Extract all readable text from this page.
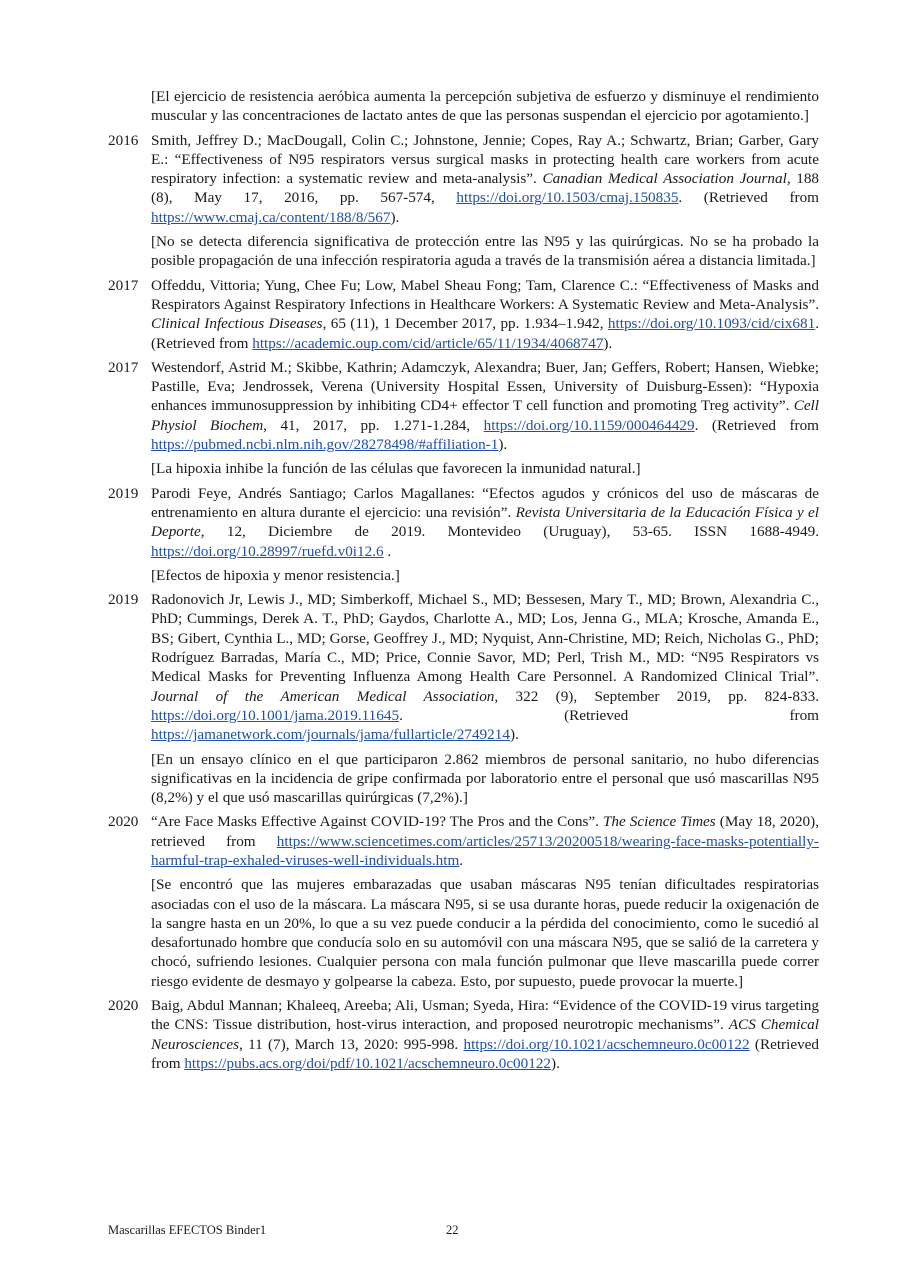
[El ejercicio de resistencia aeróbica aumenta la percepción subjetiva de esfuerzo y disminuye el rendimiento muscular y las concentraciones de lactato antes de que las personas suspendan el ejercicio por agotamiento.]

2016 Smith, Jeffrey D.; MacDougall, Colin C.; Johnstone, Jennie; Copes, Ray A.; Schwartz, Brian; Garber, Gary E.: “Effectiveness of N95 respirators versus surgical masks in protecting health care workers from acute respiratory infection: a systematic review and meta-analysis”. Canadian Medical Association Journal, 188 (8), May 17, 2016, pp. 567-574, https://doi.org/10.1503/cmaj.150835. (Retrieved from https://www.cmaj.ca/content/188/8/567).

[No se detecta diferencia significativa de protección entre las N95 y las quirúrgicas. No se ha probado la posible propagación de una infección respiratoria aguda a través de la transmisión aérea a distancia limitada.]

2017 Offeddu, Vittoria; Yung, Chee Fu; Low, Mabel Sheau Fong; Tam, Clarence C.: “Effectiveness of Masks and Respirators Against Respiratory Infections in Healthcare Workers: A Systematic Review and Meta-Analysis”. Clinical Infectious Diseases, 65 (11), 1 December 2017, pp. 1.934–1.942, https://doi.org/10.1093/cid/cix681. (Retrieved from https://academic.oup.com/cid/article/65/11/1934/4068747).

2017 Westendorf, Astrid M.; Skibbe, Kathrin; Adamczyk, Alexandra; Buer, Jan; Geffers, Robert; Hansen, Wiebke; Pastille, Eva; Jendrossek, Verena (University Hospital Essen, University of Duisburg-Essen): “Hypoxia enhances immunosuppression by inhibiting CD4+ effector T cell function and promoting Treg activity”. Cell Physiol Biochem, 41, 2017, pp. 1.271-1.284, https://doi.org/10.1159/000464429. (Retrieved from https://pubmed.ncbi.nlm.nih.gov/28278498/#affiliation-1).

[La hipoxia inhibe la función de las células que favorecen la inmunidad natural.]

2019 Parodi Feye, Andrés Santiago; Carlos Magallanes: “Efectos agudos y crónicos del uso de máscaras de entrenamiento en altura durante el ejercicio: una revisión”. Revista Universitaria de la Educación Física y el Deporte, 12, Diciembre de 2019. Montevideo (Uruguay), 53-65. ISSN 1688-4949. https://doi.org/10.28997/ruefd.v0i12.6 .

[Efectos de hipoxia y menor resistencia.]

2019 Radonovich Jr, Lewis J., MD; Simberkoff, Michael S., MD; Bessesen, Mary T., MD; Brown, Alexandria C., PhD; Cummings, Derek A. T., PhD; Gaydos, Charlotte A., MD; Los, Jenna G., MLA; Krosche, Amanda E., BS; Gibert, Cynthia L., MD; Gorse, Geoffrey J., MD; Nyquist, Ann-Christine, MD; Reich, Nicholas G., PhD; Rodríguez Barradas, María C., MD; Price, Connie Savor, MD; Perl, Trish M., MD: “N95 Respirators vs Medical Masks for Preventing Influenza Among Health Care Personnel. A Randomized Clinical Trial”. Journal of the American Medical Association, 322 (9), September 2019, pp. 824-833. https://doi.org/10.1001/jama.2019.11645. (Retrieved from https://jamanetwork.com/journals/jama/fullarticle/2749214).

[En un ensayo clínico en el que participaron 2.862 miembros de personal sanitario, no hubo diferencias significativas en la incidencia de gripe confirmada por laboratorio entre el personal que usó mascarillas N95 (8,2%) y el que usó mascarillas quirúrgicas (7,2%).]

2020 “Are Face Masks Effective Against COVID-19? The Pros and the Cons”. The Science Times (May 18, 2020), retrieved from https://www.sciencetimes.com/articles/25713/20200518/wearing-face-masks-potentially-harmful-trap-exhaled-viruses-well-individuals.htm.

[Se encontró que las mujeres embarazadas que usaban máscaras N95 tenían dificultades respiratorias asociadas con el uso de la máscara. La máscara N95, si se usa durante horas, puede reducir la oxigenación de la sangre hasta en un 20%, lo que a su vez puede conducir a la pérdida del conocimiento, como le sucedió al desafortunado hombre que conducía solo en su automóvil con una máscara N95, que se salió de la carretera y chocó, sufriendo lesiones. Cualquier persona con mala función pulmonar que lleve mascarilla puede correr riesgo evidente de desmayo y golpearse la cabeza. Esto, por supuesto, puede provocar la muerte.]

2020 Baig, Abdul Mannan; Khaleeq, Areeba; Ali, Usman; Syeda, Hira: “Evidence of the COVID-19 virus targeting the CNS: Tissue distribution, host-virus interaction, and proposed neurotropic mechanisms”. ACS Chemical Neurosciences, 11 (7), March 13, 2020: 995-998. https://doi.org/10.1021/acschemneuro.0c00122 (Retrieved from https://pubs.acs.org/doi/pdf/10.1021/acschemneuro.0c00122).

Mascarillas EFECTOS Binder1	22
